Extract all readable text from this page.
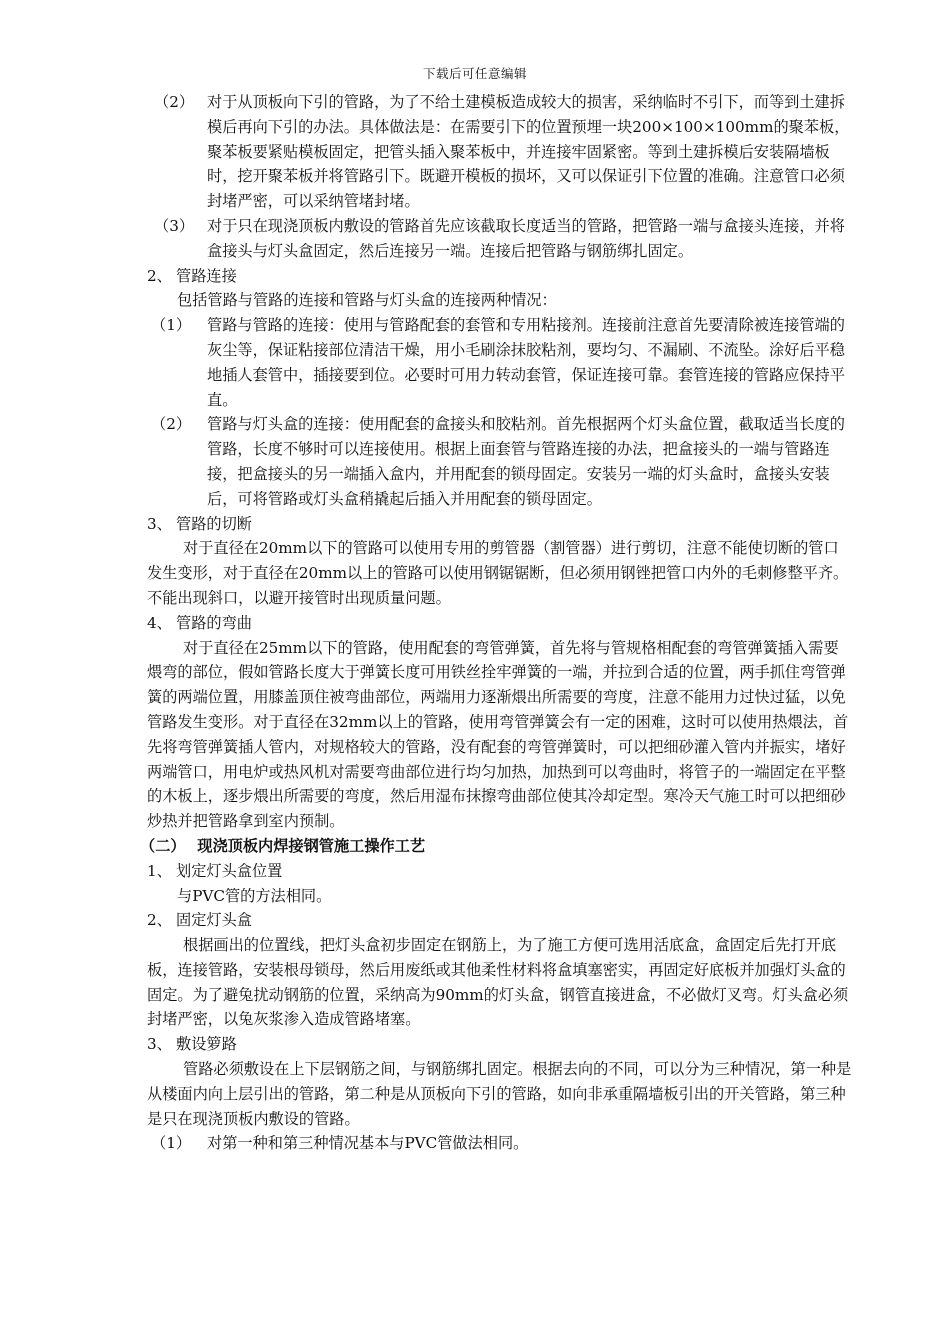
下载后可任意编辑
（2） 对于从顶板向下引的管路，为了不给土建模板造成较大的损害，采纳临时不引下，而等到土建拆模后再向下引的办法。具体做法是：在需要引下的位置预埋一块200×100×100mm的聚苯板，聚苯板要紧贴模板固定，把管头插入聚苯板中，并连接牢固紧密。等到土建拆模后安装隔墙板时，挖开聚苯板并将管路引下。既避开模板的损坏，又可以保证引下位置的准确。注意管口必须封堵严密，可以采纳管堵封堵。
（3） 对于只在现浇顶板内敷设的管路首先应该截取长度适当的管路，把管路一端与盒接头连接，并将盒接头与灯头盒固定，然后连接另一端。连接后把管路与钢筋绑扎固定。
2、 管路连接
包括管路与管路的连接和管路与灯头盒的连接两种情况：
（1） 管路与管路的连接：使用与管路配套的套管和专用粘接剂。连接前注意首先要清除被连接管端的灰尘等，保证粘接部位清洁干燥，用小毛刷涂抹胶粘剂，要均匀、不漏刷、不流坠。涂好后平稳地插人套管中，插接要到位。必要时可用力转动套管，保证连接可靠。套管连接的管路应保持平直。
（2） 管路与灯头盒的连接：使用配套的盒接头和胶粘剂。首先根据两个灯头盒位置，截取适当长度的管路，长度不够时可以连接使用。根据上面套管与管路连接的办法，把盒接头的一端与管路连接，把盒接头的另一端插入盒内，并用配套的锁母固定。安装另一端的灯头盒时，盒接头安装后，可将管路或灯头盒稍撬起后插入并用配套的锁母固定。
3、 管路的切断
对于直径在20mm以下的管路可以使用专用的剪管器（割管器）进行剪切，注意不能使切断的管口发生变形，对于直径在20mm以上的管路可以使用钢锯锯断，但必须用钢锉把管口内外的毛刺修整平齐。不能出现斜口，以避开接管时出现质量问题。
4、 管路的弯曲
对于直径在25mm以下的管路，使用配套的弯管弹簧，首先将与管规格相配套的弯管弹簧插入需要煨弯的部位，假如管路长度大于弹簧长度可用铁丝拴牢弹簧的一端，并拉到合适的位置，两手抓住弯管弹簧的两端位置，用膝盖顶住被弯曲部位，两端用力逐渐煨出所需要的弯度，注意不能用力过快过猛，以免管路发生变形。对于直径在32mm以上的管路，使用弯管弹簧会有一定的困难，这时可以使用热煨法，首先将弯管弹簧插人管内，对规格较大的管路，没有配套的弯管弹簧时，可以把细砂灌入管内并振实，堵好两端管口，用电炉或热风机对需要弯曲部位进行均匀加热，加热到可以弯曲时，将管子的一端固定在平整的木板上，逐步煨出所需要的弯度，然后用湿布抹擦弯曲部位使其冷却定型。寒冷天气施工时可以把细砂炒热并把管路拿到室内预制。
（二） 现浇顶板内焊接钢管施工操作工艺
1、 划定灯头盒位置
与PVC管的方法相同。
2、 固定灯头盒
根据画出的位置线，把灯头盒初步固定在钢筋上，为了施工方便可选用活底盒，盒固定后先打开底板，连接管路，安装根母锁母，然后用废纸或其他柔性材料将盒填塞密实，再固定好底板并加强灯头盒的固定。为了避兔扰动钢筋的位置，采纳高为90mm的灯头盒，钢管直接进盒，不必做灯叉弯。灯头盒必须封堵严密，以兔灰浆渗入造成管路堵塞。
3、 敷设箩路
管路必须敷设在上下层钢筋之间，与钢筋绑扎固定。根据去向的不同，可以分为三种情况，第一种是从楼面内向上层引出的管路，第二种是从顶板向下引的管路，如向非承重隔墙板引出的开关管路，第三种是只在现浇顶板内敷设的管路。
（1） 对第一种和第三种情况基本与PVC管做法相同。
